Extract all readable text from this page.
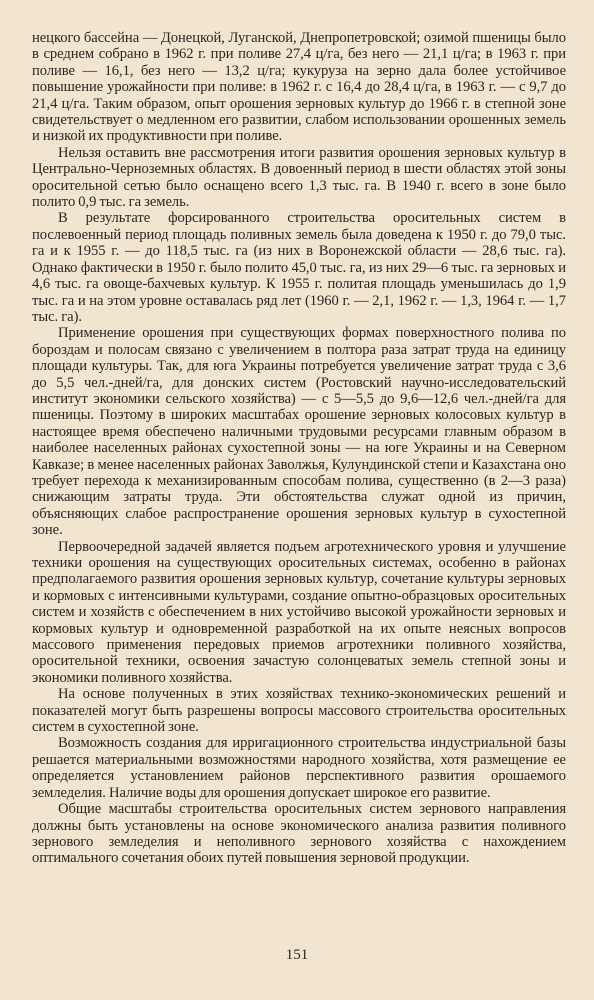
нецкого бассейна — Донецкой, Луганской, Днепропетровской; озимой пшеницы было в среднем собрано в 1962 г. при поливе 27,4 ц/га, без него — 21,1 ц/га; в 1963 г. при поливе — 16,1, без него — 13,2 ц/га; кукуруза на зерно дала более устойчивое повышение урожайности при поливе: в 1962 г. с 16,4 до 28,4 ц/га, в 1963 г. — с 9,7 до 21,4 ц/га. Таким образом, опыт орошения зерновых культур до 1966 г. в степной зоне свидетельствует о медленном его развитии, слабом использовании орошенных земель и низкой их продуктивности при поливе.

Нельзя оставить вне рассмотрения итоги развития орошения зерновых культур в Центрально-Черноземных областях. В довоенный период в шести областях этой зоны оросительной сетью было оснащено всего 1,3 тыс. га. В 1940 г. всего в зоне было полито 0,9 тыс. га земель.

В результате форсированного строительства оросительных систем в послевоенный период площадь поливных земель была доведена к 1950 г. до 79,0 тыс. га и к 1955 г. — до 118,5 тыс. га (из них в Воронежской области — 28,6 тыс. га). Однако фактически в 1950 г. было полито 45,0 тыс. га, из них 29—6 тыс. га зерновых и 4,6 тыс. га овоще-бахчевых культур. К 1955 г. политая площадь уменьшилась до 1,9 тыс. га и на этом уровне оставалась ряд лет (1960 г. — 2,1, 1962 г. — 1,3, 1964 г. — 1,7 тыс. га).

Применение орошения при существующих формах поверхностного полива по бороздам и полосам связано с увеличением в полтора раза затрат труда на единицу площади культуры. Так, для юга Украины потребуется увеличение затрат труда с 3,6 до 5,5 чел.-дней/га, для донских систем (Ростовский научно-исследовательский институт экономики сельского хозяйства) — с 5—5,5 до 9,6—12,6 чел.-дней/га для пшеницы. Поэтому в широких масштабах орошение зерновых колосовых культур в настоящее время обеспечено наличными трудовыми ресурсами главным образом в наиболее населенных районах сухостепной зоны — на юге Украины и на Северном Кавказе; в менее населенных районах Заволжья, Кулундинской степи и Казахстана оно требует перехода к механизированным способам полива, существенно (в 2—3 раза) снижающим затраты труда. Эти обстоятельства служат одной из причин, объясняющих слабое распространение орошения зерновых культур в сухостепной зоне.

Первоочередной задачей является подъем агротехнического уровня и улучшение техники орошения на существующих оросительных системах, особенно в районах предполагаемого развития орошения зерновых культур, сочетание культуры зерновых и кормовых с интенсивными культурами, создание опытно-образцовых оросительных систем и хозяйств с обеспечением в них устойчиво высокой урожайности зерновых и кормовых культур и одновременной разработкой на их опыте неясных вопросов массового применения передовых приемов агротехники поливного хозяйства, оросительной техники, освоения зачастую солонцеватых земель степной зоны и экономики поливного хозяйства.

На основе полученных в этих хозяйствах технико-экономических решений и показателей могут быть разрешены вопросы массового строительства оросительных систем в сухостепной зоне.

Возможность создания для ирригационного строительства индустриальной базы решается материальными возможностями народного хозяйства, хотя размещение ее определяется установлением районов перспективного развития орошаемого земледелия. Наличие воды для орошения допускает широкое его развитие.

Общие масштабы строительства оросительных систем зернового направления должны быть установлены на основе экономического анализа развития поливного зернового земледелия и неполивного зернового хозяйства с нахождением оптимального сочетания обоих путей повышения зерновой продукции.

151
